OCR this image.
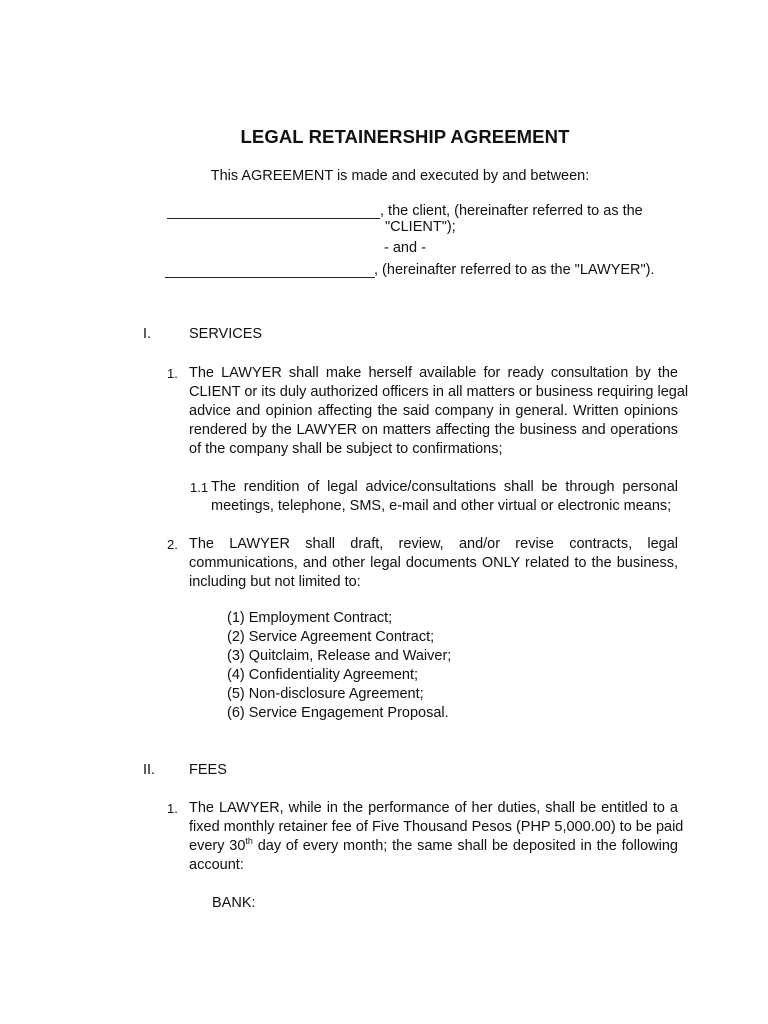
LEGAL RETAINERSHIP AGREEMENT
This AGREEMENT is made and executed by and between:
, the client, (hereinafter referred to as the
"CLIENT");
- and -
, (hereinafter referred to as the "LAWYER").
I.	SERVICES
1. The LAWYER shall make herself available for ready consultation by the
CLIENT or its duly authorized officers in all matters or business requiring legal
advice and opinion affecting the said company in general. Written opinions
rendered by the LAWYER on matters affecting the business and operations
of the company shall be subject to confirmations;
1.1 The rendition of legal advice/consultations shall be through personal
meetings, telephone, SMS, e-mail and other virtual or electronic means;
2. The LAWYER shall draft, review, and/or revise contracts, legal
communications, and other legal documents ONLY related to the business,
including but not limited to:
(1) Employment Contract;
(2) Service Agreement Contract;
(3) Quitclaim, Release and Waiver;
(4) Confidentiality Agreement;
(5) Non-disclosure Agreement;
(6) Service Engagement Proposal.
II. FEES
1. The LAWYER, while in the performance of her duties, shall be entitled to a
fixed monthly retainer fee of Five Thousand Pesos (PHP 5,000.00) to be paid
every 30th day of every month; the same shall be deposited in the following
account:
BANK:
